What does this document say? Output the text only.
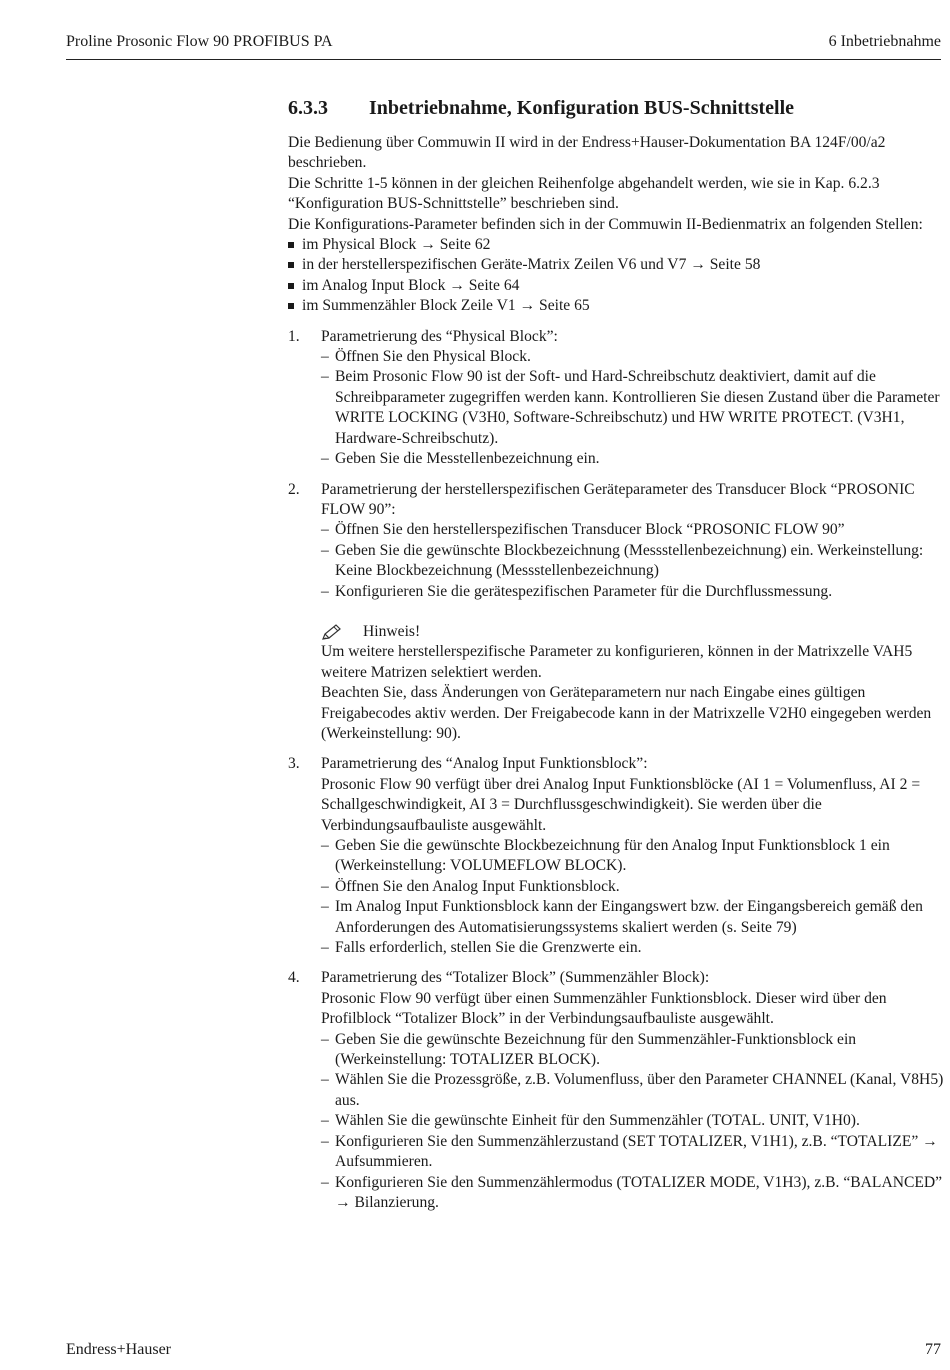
Proline Prosonic Flow 90 PROFIBUS PA	6 Inbetriebnahme
6.3.3 Inbetriebnahme, Konfiguration BUS-Schnittstelle

Die Bedienung über Commuwin II wird in der Endress+Hauser-Dokumentation BA 124F/00/a2 beschrieben.

Die Schritte 1-5 können in der gleichen Reihenfolge abgehandelt werden, wie sie in Kap. 6.2.3 “Konfiguration BUS-Schnittstelle” beschrieben sind.

Die Konfigurations-Parameter befinden sich in der Commuwin II-Bedienmatrix an folgenden Stellen:

im Physical Block → Seite 62
in der herstellerspezifischen Geräte-Matrix Zeilen V6 und V7 → Seite 58
im Analog Input Block → Seite 64
im Summenzähler Block Zeile V1 → Seite 65
1. Parametrierung des “Physical Block”:
– Öffnen Sie den Physical Block.
– Beim Prosonic Flow 90 ist der Soft- und Hard-Schreibschutz deaktiviert, damit auf die Schreibparameter zugegriffen werden kann. Kontrollieren Sie diesen Zustand über die Parameter WRITE LOCKING (V3H0, Software-Schreibschutz) und HW WRITE PROTECT. (V3H1, Hardware-Schreibschutz).
– Geben Sie die Messtellenbezeichnung ein.
2. Parametrierung der herstellerspezifischen Geräteparameter des Transducer Block “PROSONIC FLOW 90”:
– Öffnen Sie den herstellerspezifischen Transducer Block “PROSONIC FLOW 90”
– Geben Sie die gewünschte Blockbezeichnung (Messstellenbezeichnung) ein. Werkeinstellung: Keine Blockbezeichnung (Messstellenbezeichnung)
– Konfigurieren Sie die gerätespezifischen Parameter für die Durchflussmessung.
Hinweis!

Um weitere herstellerspezifische Parameter zu konfigurieren, können in der Matrixzelle VAH5 weitere Matrizen selektiert werden.

Beachten Sie, dass Änderungen von Geräteparametern nur nach Eingabe eines gültigen Freigabecodes aktiv werden. Der Freigabecode kann in der Matrixzelle V2H0 eingegeben werden (Werkeinstellung: 90).

3. Parametrierung des “Analog Input Funktionsblock”:
Prosonic Flow 90 verfügt über drei Analog Input Funktionsblöcke (AI 1 = Volumenfluss, AI 2 = Schallgeschwindigkeit, AI 3 = Durchflussgeschwindigkeit). Sie werden über die Verbindungsaufbauliste ausgewählt.
– Geben Sie die gewünschte Blockbezeichnung für den Analog Input Funktionsblock 1 ein (Werkeinstellung: VOLUMEFLOW BLOCK).
– Öffnen Sie den Analog Input Funktionsblock.
– Im Analog Input Funktionsblock kann der Eingangswert bzw. der Eingangsbereich gemäß den Anforderungen des Automatisierungssystems skaliert werden (s. Seite 79)
– Falls erforderlich, stellen Sie die Grenzwerte ein.
4. Parametrierung des “Totalizer Block” (Summenzähler Block):
Prosonic Flow 90 verfügt über einen Summenzähler Funktionsblock. Dieser wird über den Profilblock “Totalizer Block” in der Verbindungsaufbauliste ausgewählt.
– Geben Sie die gewünschte Bezeichnung für den Summenzähler-Funktionsblock ein (Werkeinstellung: TOTALIZER BLOCK).
– Wählen Sie die Prozessgröße, z.B. Volumenfluss, über den Parameter CHANNEL (Kanal, V8H5) aus.
– Wählen Sie die gewünschte Einheit für den Summenzähler (TOTAL. UNIT, V1H0).
– Konfigurieren Sie den Summenzählerzustand (SET TOTALIZER, V1H1), z.B. “TOTALIZE” → Aufsummieren.
– Konfigurieren Sie den Summenzählermodus (TOTALIZER MODE, V1H3), z.B. “BALANCED” → Bilanzierung.
Endress+Hauser	77
